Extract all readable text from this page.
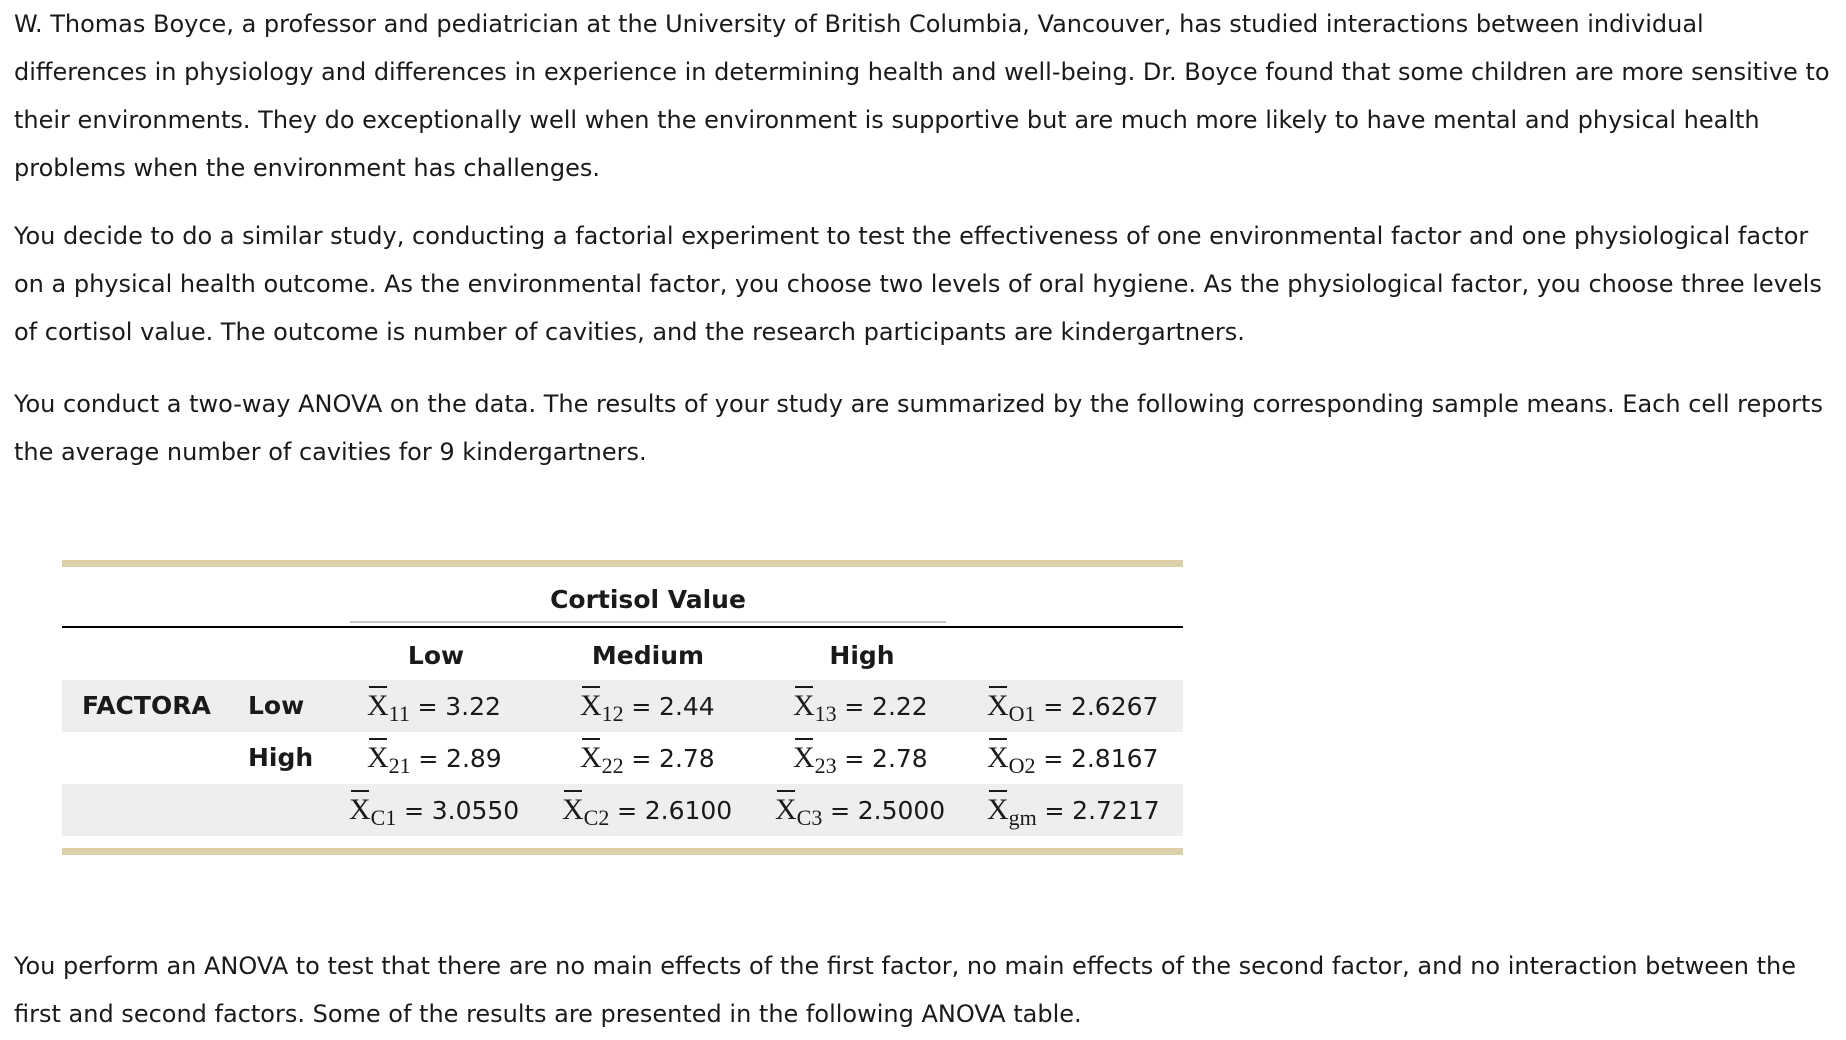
W. Thomas Boyce, a professor and pediatrician at the University of British Columbia, Vancouver, has studied interactions between individual differences in physiology and differences in experience in determining health and well-being. Dr. Boyce found that some children are more sensitive to their environments. They do exceptionally well when the environment is supportive but are much more likely to have mental and physical health problems when the environment has challenges.

You decide to do a similar study, conducting a factorial experiment to test the effectiveness of one environmental factor and one physiological factor on a physical health outcome. As the environmental factor, you choose two levels of oral hygiene. As the physiological factor, you choose three levels of cortisol value. The outcome is number of cavities, and the research participants are kindergartners.

You conduct a two-way ANOVA on the data. The results of your study are summarized by the following corresponding sample means. Each cell reports the average number of cavities for 9 kindergartners.

Cortisol Value
Low	Medium	High
FACTORA Low X11 = 3.22	X12 = 2.44	X13 = 2.22 XO1 = 2.6267
High X21 = 2.89	X22 = 2.78	X23 = 2.78 XO2 = 2.8167
XC1 = 3.0550 XC2 = 2.6100 XC3 = 2.5000 Xgm = 2.7217

You perform an ANOVA to test that there are no main effects of the first factor, no main effects of the second factor, and no interaction between the first and second factors. Some of the results are presented in the following ANOVA table.
